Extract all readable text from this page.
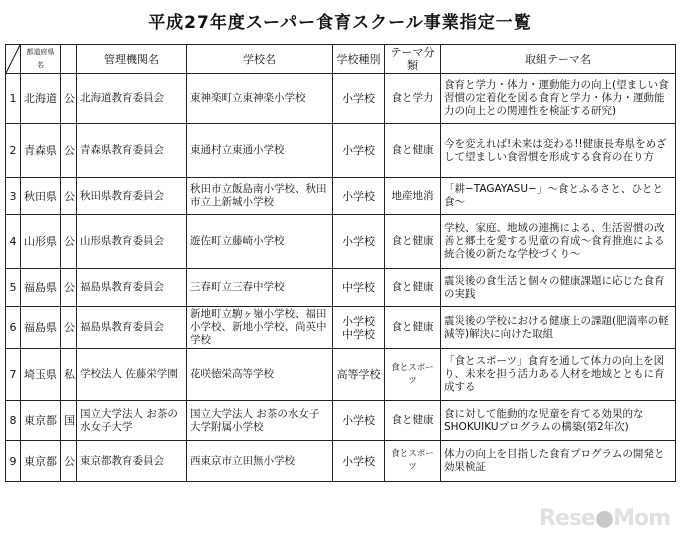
平成27年度スーパー食育スクール事業指定一覧
	都道府県名		管理機関名	学校名	学校種別	テーマ分類	取組テーマ名
1	北海道	公	北海道教育委員会	東神楽町立東神楽小学校	小学校	食と学力	食育と学力・体力・運動能力の向上(望ましい食習慣の定着化を図る食育と学力・体力・運動能力の向上との関連性を検証する研究)
2	青森県	公	青森県教育委員会	東通村立東通小学校	小学校	食と健康	今を変えれば!未来は変わる!!健康長寿県をめざして望ましい食習慣を形成する食育の在り方
3	秋田県	公	秋田県教育委員会	秋田市立飯島南小学校、秋田市立上新城小学校	小学校	地産地消	「耕−TAGAYASU−」〜食とふるさと、ひとと食〜
4	山形県	公	山形県教育委員会	遊佐町立藤崎小学校	小学校	食と健康	学校、家庭、地域の連携による、生活習慣の改善と郷土を愛する児童の育成〜食育推進による統合後の新たな学校づくり〜
5	福島県	公	福島県教育委員会	三春町立三春中学校	中学校	食と健康	震災後の食生活と個々の健康課題に応じた食育の実践
6	福島県	公	福島県教育委員会	新地町立駒ヶ嶺小学校、福田小学校、新地小学校、尚英中学校	小学校 中学校	食と健康	震災後の学校における健康上の課題(肥満率の軽減等)解決に向けた取組
7	埼玉県	私	学校法人 佐藤栄学園	花咲徳栄高等学校	高等学校	食とスポーツ	「食とスポーツ」食育を通して体力の向上を図り、未来を担う活力ある人材を地域とともに育成する
8	東京都	国	国立大学法人 お茶の水女子大学	国立大学法人 お茶の水女子大学附属小学校	小学校	食と健康	食に対して能動的な児童を育てる効果的なSHOKUIKUプログラムの構築(第2年次)
9	東京都	公	東京都教育委員会	西東京市立田無小学校	小学校	食とスポーツ	体力の向上を目指した食育プログラムの開発と効果検証
Rese●Mom
